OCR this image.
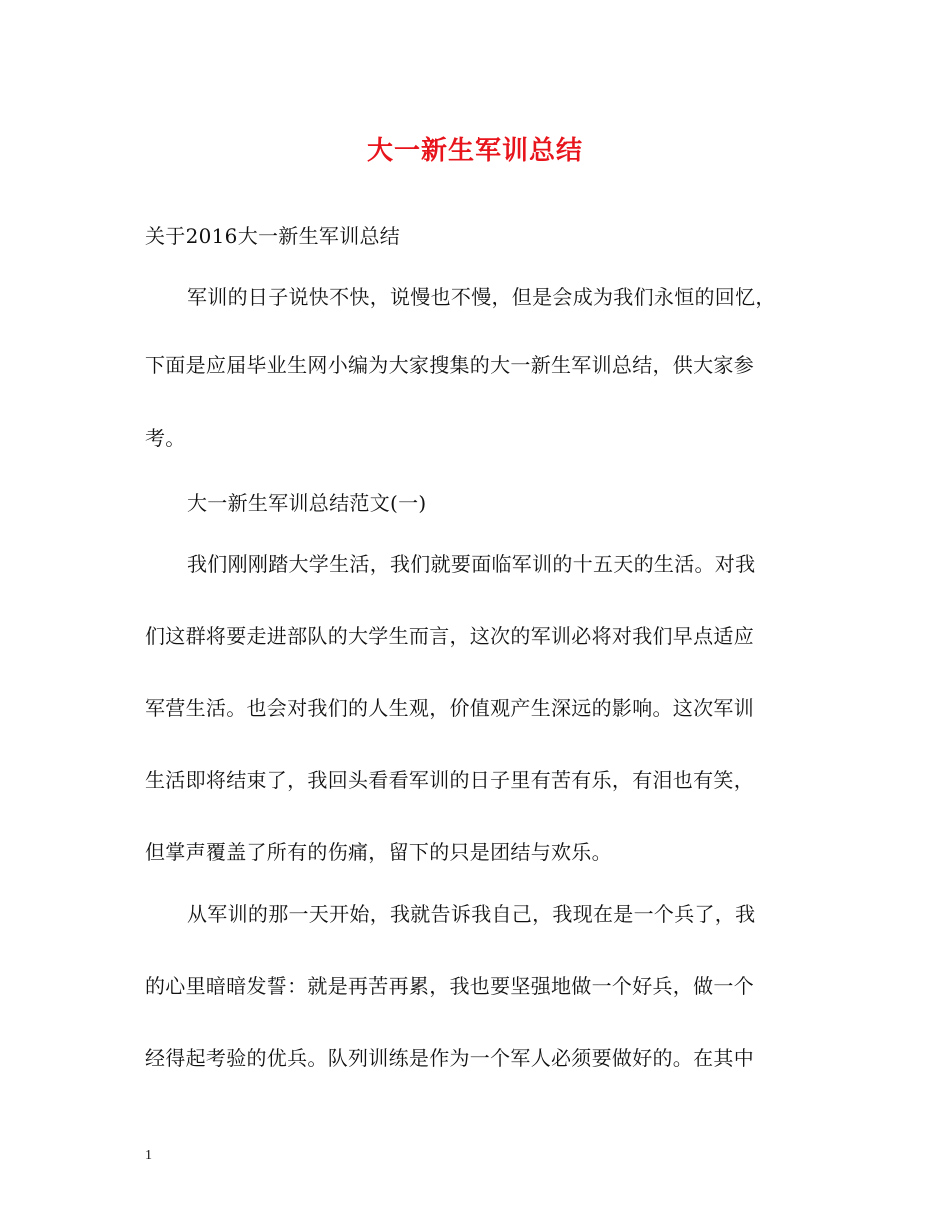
大一新生军训总结
关于2016大一新生军训总结
军训的日子说快不快，说慢也不慢，但是会成为我们永恒的回忆，
下面是应届毕业生网小编为大家搜集的大一新生军训总结，供大家参
考。
大一新生军训总结范文(一)
我们刚刚踏大学生活，我们就要面临军训的十五天的生活。对我
们这群将要走进部队的大学生而言，这次的军训必将对我们早点适应
军营生活。也会对我们的人生观，价值观产生深远的影响。这次军训
生活即将结束了，我回头看看军训的日子里有苦有乐，有泪也有笑，
但掌声覆盖了所有的伤痛，留下的只是团结与欢乐。
从军训的那一天开始，我就告诉我自己，我现在是一个兵了，我
的心里暗暗发誓：就是再苦再累，我也要坚强地做一个好兵，做一个
经得起考验的优兵。队列训练是作为一个军人必须要做好的。在其中
1
